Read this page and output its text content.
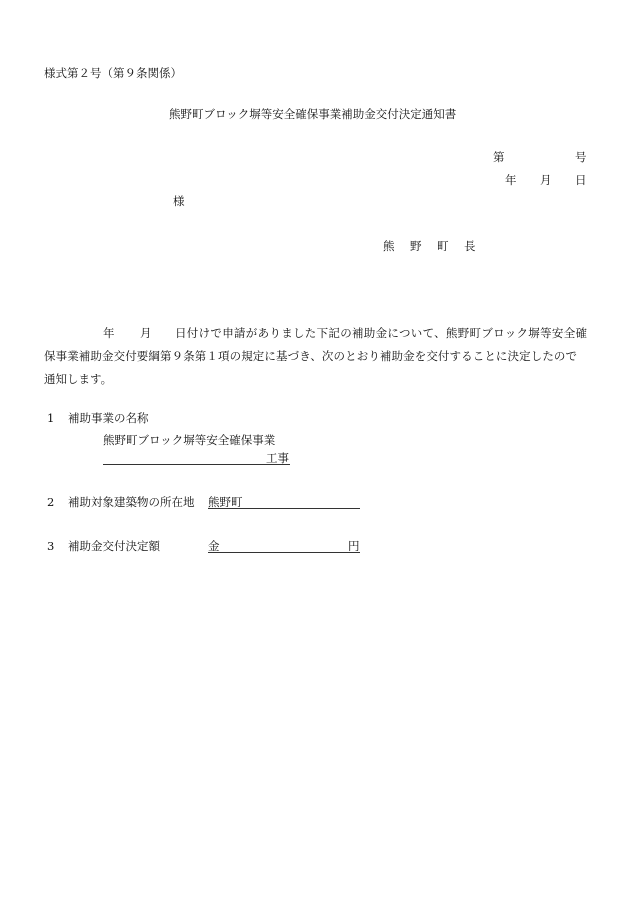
様式第２号（第９条関係）
熊野町ブロック塀等安全確保事業補助金交付決定通知書
第	号
年 月 日
様
熊　野　町　長
年 月 日付けで申請がありました下記の補助金について、熊野町ブロック塀等安全確
保事業補助金交付要綱第９条第１項の規定に基づき、次のとおり補助金を交付することに決定したので
通知します。
1 補助事業の名称
熊野町ブロック塀等安全確保事業
工事
2 補助対象建築物の所在地 熊野町
3 補助金交付決定額	金	円
